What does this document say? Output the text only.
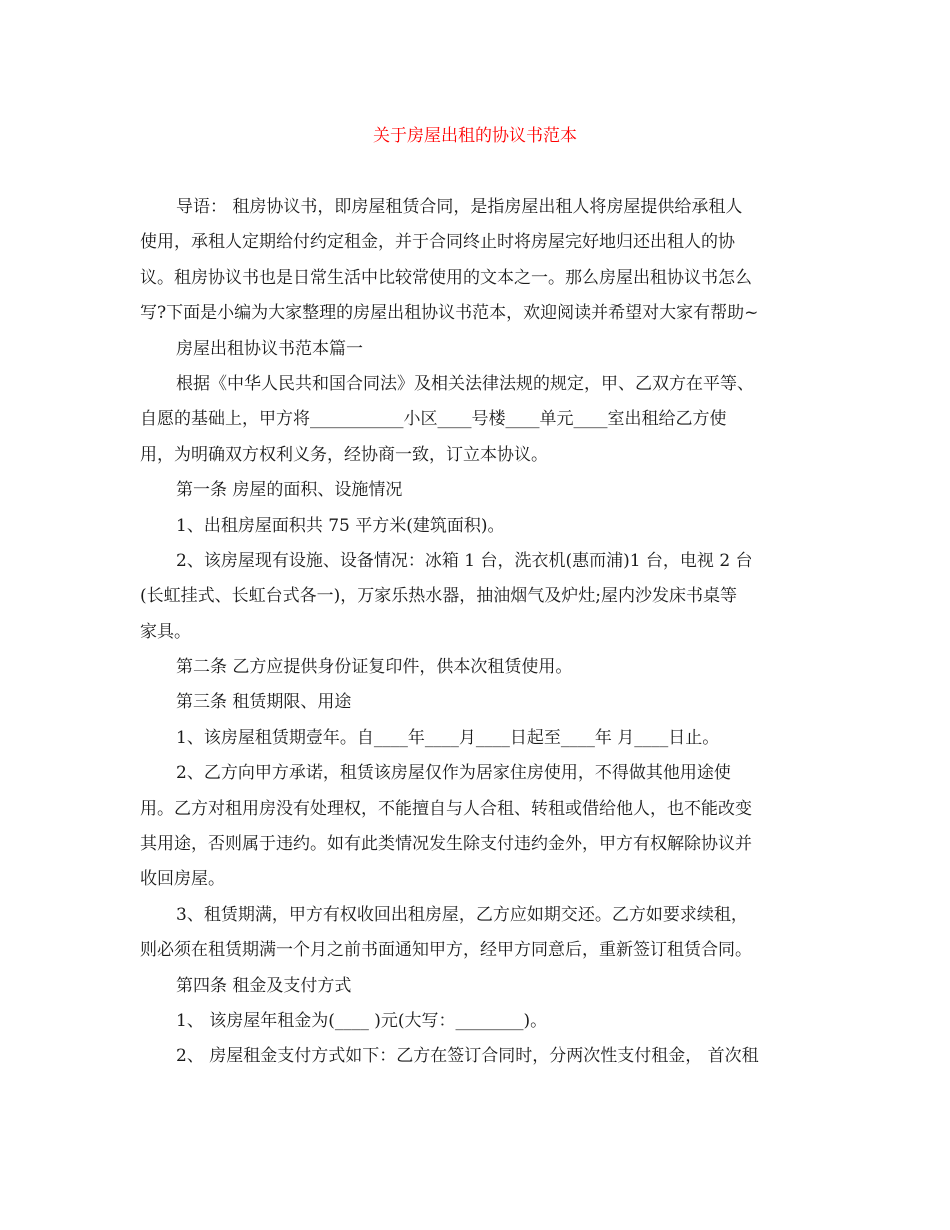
关于房屋出租的协议书范本
导语： 租房协议书，即房屋租赁合同，是指房屋出租人将房屋提供给承租人
使用，承租人定期给付约定租金，并于合同终止时将房屋完好地归还出租人的协
议。租房协议书也是日常生活中比较常使用的文本之一。那么房屋出租协议书怎么
写?下面是小编为大家整理的房屋出租协议书范本，欢迎阅读并希望对大家有帮助~
房屋出租协议书范本篇一
根据《中华人民共和国合同法》及相关法律法规的规定，甲、乙双方在平等、
自愿的基础上，甲方将___________小区____号楼____单元____室出租给乙方使
用，为明确双方权利义务，经协商一致，订立本协议。
第一条 房屋的面积、设施情况
1、出租房屋面积共 75 平方米(建筑面积)。
2、该房屋现有设施、设备情况：冰箱 1 台，洗衣机(惠而浦)1 台，电视 2 台
(长虹挂式、长虹台式各一)，万家乐热水器，抽油烟气及炉灶;屋内沙发床书桌等
家具。
第二条 乙方应提供身份证复印件，供本次租赁使用。
第三条 租赁期限、用途
1、该房屋租赁期壹年。自____年____月____日起至____年 月____日止。
2、乙方向甲方承诺，租赁该房屋仅作为居家住房使用，不得做其他用途使
用。乙方对租用房没有处理权，不能擅自与人合租、转租或借给他人，也不能改变
其用途，否则属于违约。如有此类情况发生除支付违约金外，甲方有权解除协议并
收回房屋。
3、租赁期满，甲方有权收回出租房屋，乙方应如期交还。乙方如要求续租，
则必须在租赁期满一个月之前书面通知甲方，经甲方同意后，重新签订租赁合同。
第四条 租金及支付方式
1、 该房屋年租金为(____ )元(大写：________)。
2、 房屋租金支付方式如下：乙方在签订合同时，分两次性支付租金， 首次租
